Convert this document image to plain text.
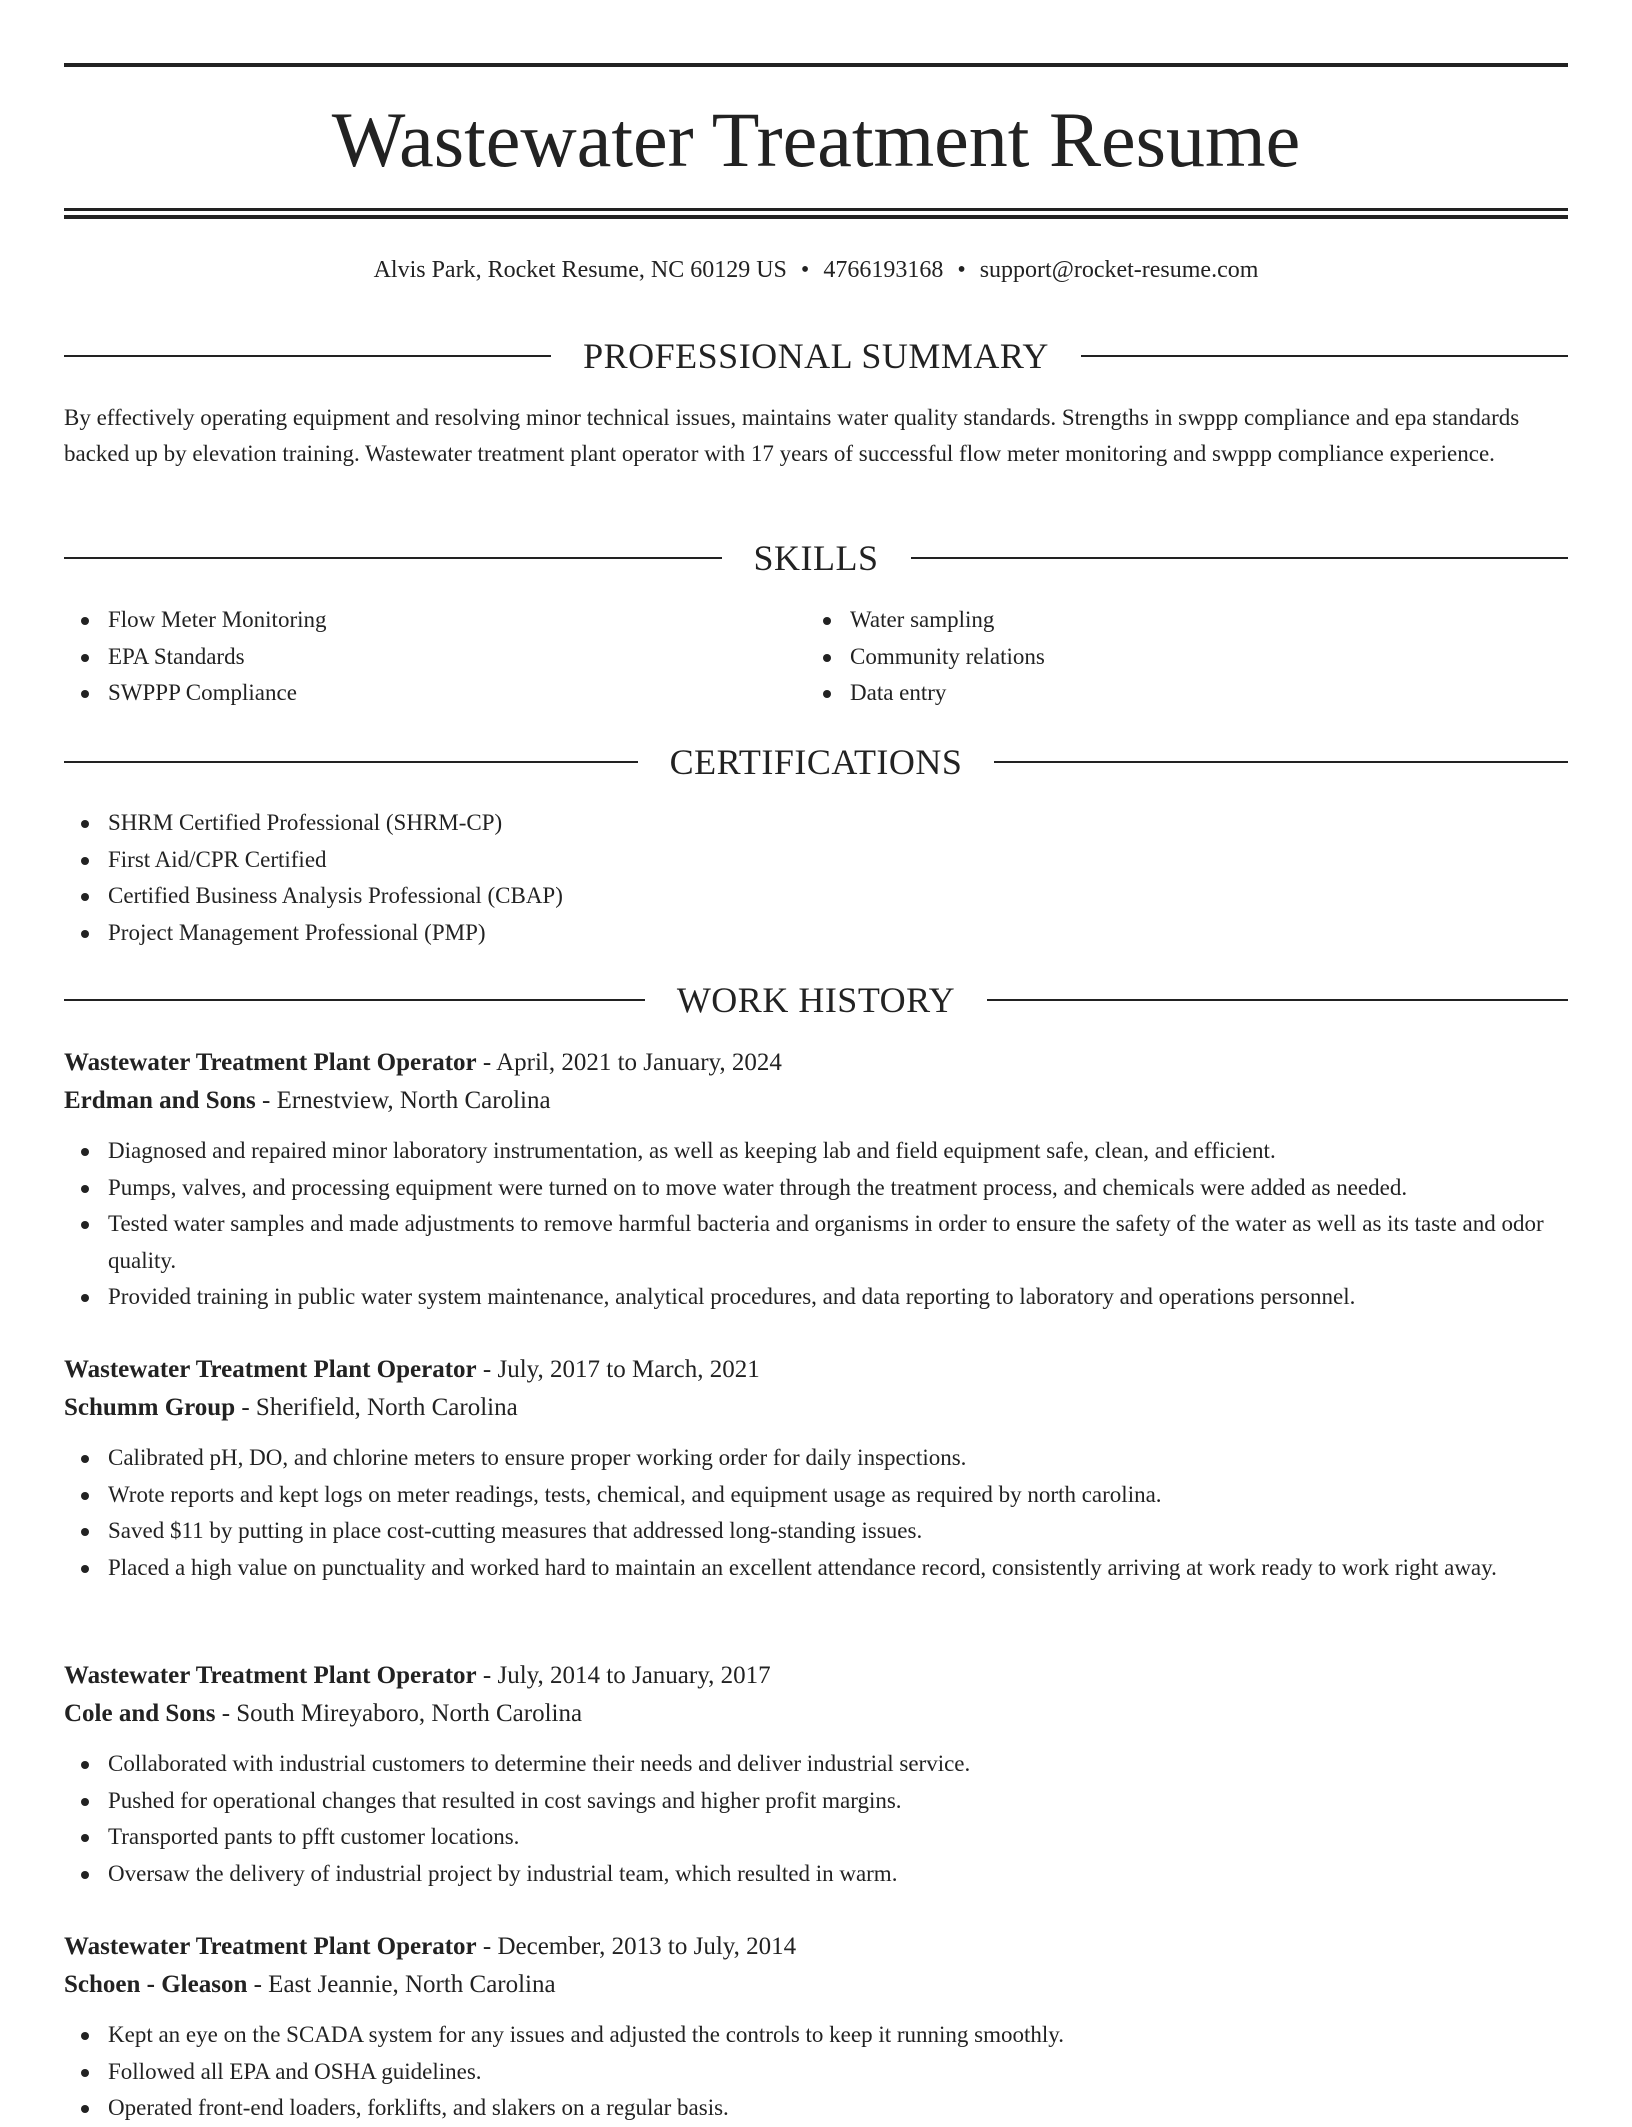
Wastewater Treatment Resume
Alvis Park, Rocket Resume, NC 60129 US • 4766193168 • support@rocket-resume.com
PROFESSIONAL SUMMARY

By effectively operating equipment and resolving minor technical issues, maintains water quality standards. Strengths in swppp compliance and epa standards backed up by elevation training. Wastewater treatment plant operator with 17 years of successful flow meter monitoring and swppp compliance experience.

SKILLS
Flow Meter Monitoring
EPA Standards
SWPPP Compliance
Water sampling
Community relations
Data entry
CERTIFICATIONS
SHRM Certified Professional (SHRM-CP)
First Aid/CPR Certified
Certified Business Analysis Professional (CBAP)
Project Management Professional (PMP)
WORK HISTORY
Wastewater Treatment Plant Operator - April, 2021 to January, 2024
Erdman and Sons - Ernestview, North Carolina
Diagnosed and repaired minor laboratory instrumentation, as well as keeping lab and field equipment safe, clean, and efficient.
Pumps, valves, and processing equipment were turned on to move water through the treatment process, and chemicals were added as needed.
Tested water samples and made adjustments to remove harmful bacteria and organisms in order to ensure the safety of the water as well as its taste and odor quality.
Provided training in public water system maintenance, analytical procedures, and data reporting to laboratory and operations personnel.
Wastewater Treatment Plant Operator - July, 2017 to March, 2021
Schumm Group - Sherifield, North Carolina
Calibrated pH, DO, and chlorine meters to ensure proper working order for daily inspections.
Wrote reports and kept logs on meter readings, tests, chemical, and equipment usage as required by north carolina.
Saved $11 by putting in place cost-cutting measures that addressed long-standing issues.
Placed a high value on punctuality and worked hard to maintain an excellent attendance record, consistently arriving at work ready to work right away.
Wastewater Treatment Plant Operator - July, 2014 to January, 2017
Cole and Sons - South Mireyaboro, North Carolina
Collaborated with industrial customers to determine their needs and deliver industrial service.
Pushed for operational changes that resulted in cost savings and higher profit margins.
Transported pants to pfft customer locations.
Oversaw the delivery of industrial project by industrial team, which resulted in warm.
Wastewater Treatment Plant Operator - December, 2013 to July, 2014
Schoen - Gleason - East Jeannie, North Carolina
Kept an eye on the SCADA system for any issues and adjusted the controls to keep it running smoothly.
Followed all EPA and OSHA guidelines.
Operated front-end loaders, forklifts, and slakers on a regular basis.
